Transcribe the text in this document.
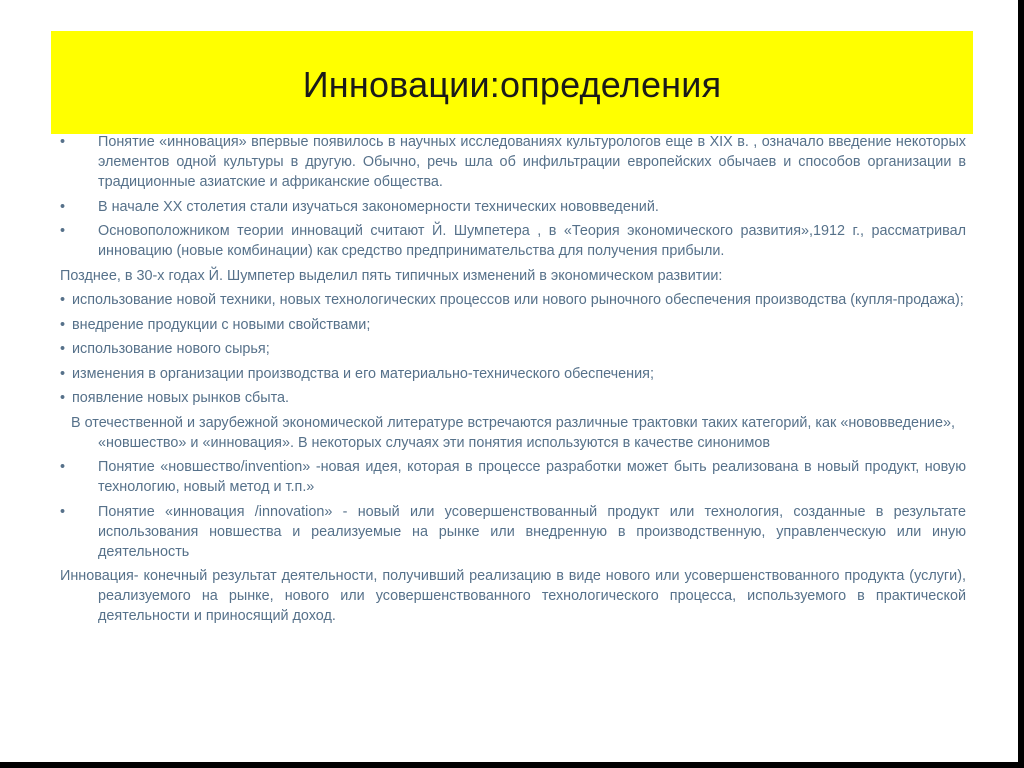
Инновации:определения
•	Понятие «инновация» впервые появилось в научных исследованиях культурологов еще в XIX в. , означало введение некоторых элементов одной культуры в другую. Обычно, речь шла об инфильтрации европейских обычаев и способов организации в традиционные азиатские и африканские общества.
•	В начале XX столетия стали изучаться закономерности технических нововведений.
•	Основоположником теории инноваций считают Й. Шумпетера , в «Теория экономического развития»,1912 г., рассматривал инновацию (новые комбинации) как средство предпринимательства для получения прибыли.
Позднее, в 30-х годах Й. Шумпетер выделил пять типичных изменений в экономическом развитии:
• использование новой техники, новых технологических процессов или нового рыночного обеспечения производства (купля-продажа);
• внедрение продукции с новыми свойствами;
• использование нового сырья;
• изменения в организации производства и его материально-технического обеспечения;
• появление новых рынков сбыта.
В отечественной и зарубежной экономической литературе встречаются различные трактовки таких категорий, как «нововведение», «новшество» и «инновация». В некоторых случаях эти понятия используются в качестве синонимов
•	Понятие «новшество/invention» -новая идея, которая в процессе разработки может быть реализована в новый продукт, новую технологию, новый метод и т.п.»
•	Понятие «инновация /innovation» - новый или усовершенствованный продукт или технология, созданные в результате использования новшества и реализуемые на рынке или внедренную в производственную, управленческую или иную деятельность
Инновация- конечный результат деятельности, получивший реализацию в виде нового или усовершенствованного продукта (услуги), реализуемого на рынке, нового или усовершенствованного технологического процесса, используемого в практической деятельности и приносящий доход.
